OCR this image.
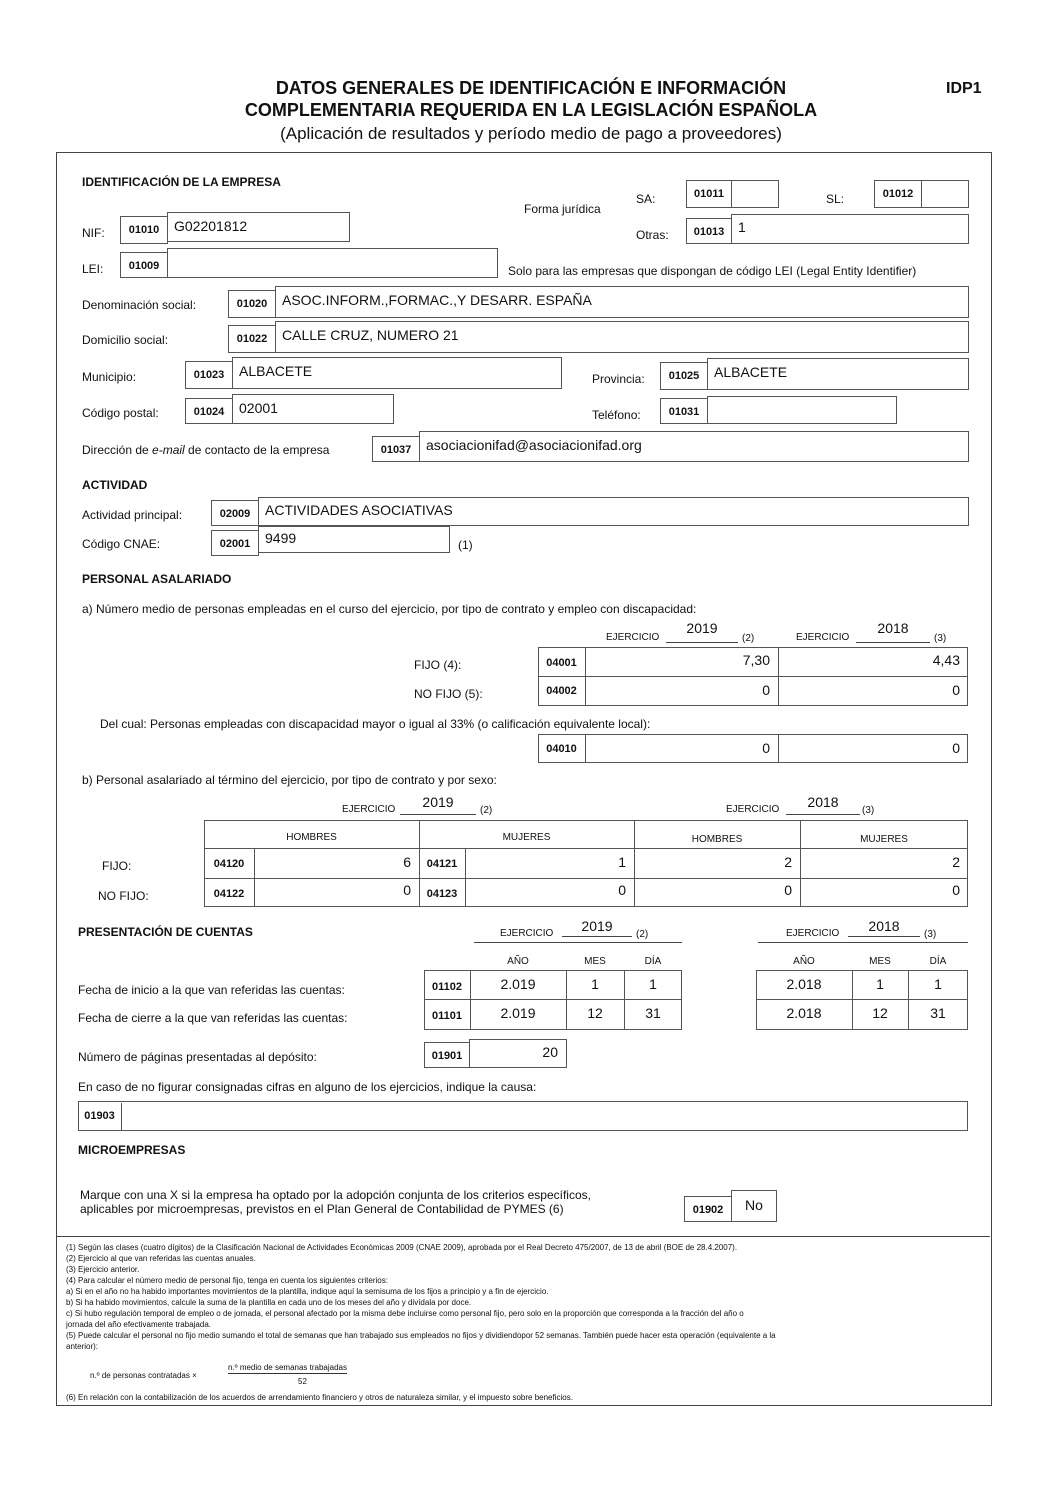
DATOS GENERALES DE IDENTIFICACIÓN E INFORMACIÓN
COMPLEMENTARIA REQUERIDA EN LA LEGISLACIÓN ESPAÑOLA
(Aplicación de resultados y período medio de pago a proveedores)
IDP1
IDENTIFICACIÓN DE LA EMPRESA
Forma jurídica
SA:	01011	SL:	01012
NIF:	01010	G02201812
Otras:	01013 1
LEI:	01009	Solo para las empresas que dispongan de código LEI (Legal Entity Identifier)
Denominación social:	01020	ASOC.INFORM.,FORMAC.,Y DESARR. ESPAÑA
Domicilio social:	01022	CALLE CRUZ, NUMERO 21
Municipio:	01023	ALBACETE	Provincia:	01025	ALBACETE
Código postal:	01024	02001	Teléfono:	01031
Dirección de e-mail de contacto de la empresa	01037	asociacionifad@asociacionifad.org
ACTIVIDAD
Actividad principal:	02009	ACTIVIDADES ASOCIATIVAS
Código CNAE:	02001	9499	(1)
PERSONAL ASALARIADO
a) Número medio de personas empleadas en el curso del ejercicio, por tipo de contrato y empleo con discapacidad:
EJERCICIO
2019
(2)	EJERCICIO
2018
(3)
FIJO (4):	04001	7,30	4,43
NO FIJO (5):	04002	0	0
Del cual: Personas empleadas con discapacidad mayor o igual al 33% (o calificación equivalente local):
04010	0	0
b) Personal asalariado al término del ejercicio, por tipo de contrato y por sexo:
EJERCICIO	2019
(2)	EJERCICIO	2018
(3)
HOMBRES	MUJERES	HOMBRES	MUJERES
FIJO:	04120	6	04121	1	2	2
NO FIJO:	04122	0	04123	0	0	0
PRESENTACIÓN DE CUENTAS	EJERCICIO	2019
(2)	EJERCICIO	2018
(3)
AÑO	MES	DÍA	AÑO	MES	DÍA
Fecha de inicio a la que van referidas las cuentas:	01102	2.019	1	1	2.018	1	1
Fecha de cierre a la que van referidas las cuentas:	01101	2.019	12	31	2.018	12	31
Número de páginas presentadas al depósito:	01901	20
En caso de no figurar consignadas cifras en alguno de los ejercicios, indique la causa:
01903
MICROEMPRESAS
Marque con una X si la empresa ha optado por la adopción conjunta de los criterios específicos,
aplicables por microempresas, previstos en el Plan General de Contabilidad de PYMES (6)	01902	No
(1) Según las clases (cuatro dígitos) de la Clasificación Nacional de Actividades Económicas 2009 (CNAE 2009), aprobada por el Real Decreto 475/2007, de 13 de abril (BOE de 28.4.2007).
(2) Ejercicio al que van referidas las cuentas anuales.
(3) Ejercicio anterior.
(4) Para calcular el número medio de personal fijo, tenga en cuenta los siguientes criterios:
a) Si en el año no ha habido importantes movimientos de la plantilla, indique aquí la semisuma de los fijos a principio y a fin de ejercicio.
b) Si ha habido movimientos, calcule la suma de la plantilla en cada uno de los meses del año y divídala por doce.
c) Si hubo regulación temporal de empleo o de jornada, el personal afectado por la misma debe incluirse como personal fijo, pero solo en la proporción que corresponda a la fracción del año o
jornada del año efectivamente trabajada.
(5) Puede calcular el personal no fijo medio sumando el total de semanas que han trabajado sus empleados no fijos y dividiendopor 52 semanas. También puede hacer esta operación (equivalente a la
anterior):
n.º de personas contratadas ×
n.º medio de semanas trabajadas
52
(6) En relación con la contabilización de los acuerdos de arrendamiento financiero y otros de naturaleza similar, y el impuesto sobre beneficios.
